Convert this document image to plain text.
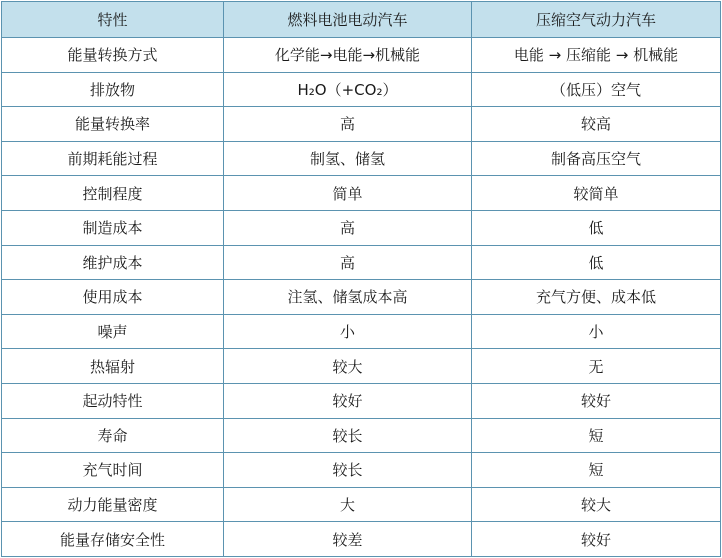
特性	燃料电池电动汽车	压缩空气动力汽车
能量转换方式	化学能→电能→机械能	电能 → 压缩能 → 机械能
排放物	H₂O（+CO₂）	（低压）空气
能量转换率	高	较高
前期耗能过程	制氢、储氢	制备高压空气
控制程度	简单	较简单
制造成本	高	低
维护成本	高	低
使用成本	注氢、储氢成本高	充气方便、成本低
噪声	小	小
热辐射	较大	无
起动特性	较好	较好
寿命	较长	短
充气时间	较长	短
动力能量密度	大	较大
能量存储安全性	较差	较好
